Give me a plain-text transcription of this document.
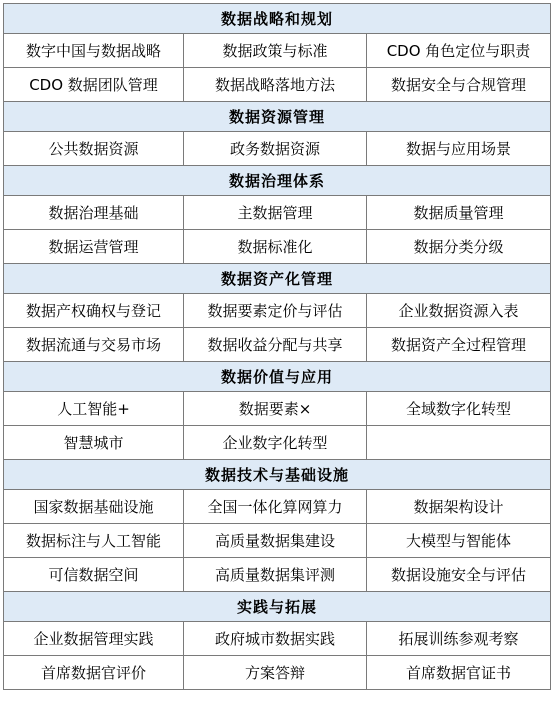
数据战略和规划
数字中国与数据战略	数据政策与标准	CDO 角色定位与职责
CDO 数据团队管理	数据战略落地方法	数据安全与合规管理
数据资源管理
公共数据资源	政务数据资源	数据与应用场景
数据治理体系
数据治理基础	主数据管理	数据质量管理
数据运营管理	数据标准化	数据分类分级
数据资产化管理
数据产权确权与登记	数据要素定价与评估	企业数据资源入表
数据流通与交易市场	数据收益分配与共享	数据资产全过程管理
数据价值与应用
人工智能+	数据要素×	全域数字化转型
智慧城市	企业数字化转型
数据技术与基础设施
国家数据基础设施	全国一体化算网算力	数据架构设计
数据标注与人工智能	高质量数据集建设	大模型与智能体
可信数据空间	高质量数据集评测	数据设施安全与评估
实践与拓展
企业数据管理实践	政府城市数据实践	拓展训练参观考察
首席数据官评价	方案答辩	首席数据官证书
